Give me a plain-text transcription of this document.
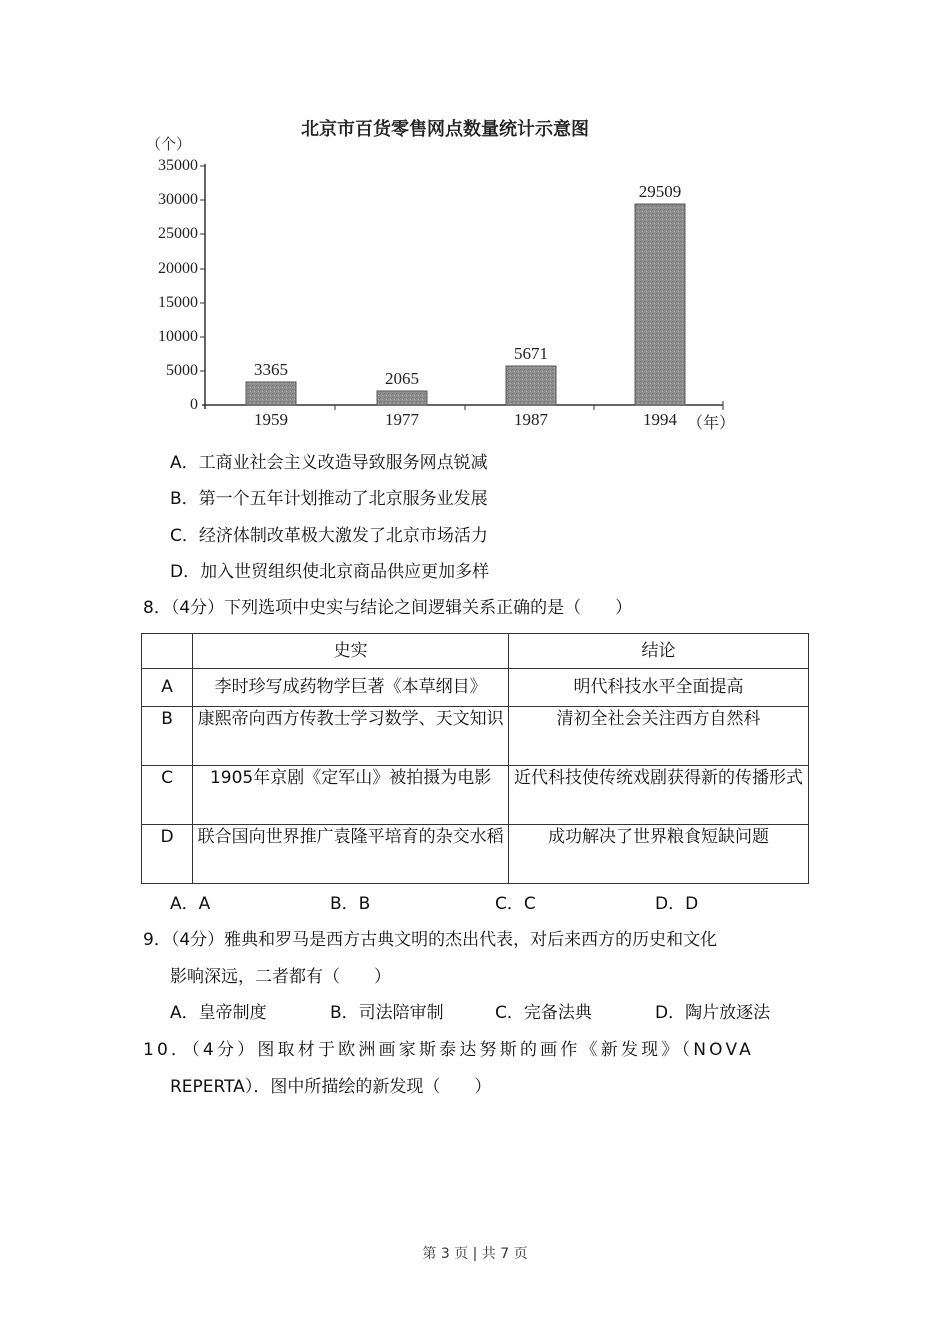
北京市百货零售网点数量统计示意图
（个）
35000
30000
25000
20000
15000
10000
5000
0
3365	2065
5671
29509
1959	1977	1987	1994 （年）
A．工商业社会主义改造导致服务网点锐减
B．第一个五年计划推动了北京服务业发展
C．经济体制改革极大激发了北京市场活力
D．加入世贸组织使北京商品供应更加多样
8．（4分）下列选项中史实与结论之间逻辑关系正确的是（　　）
	史实	结论
A	李时珍写成药物学巨著《本草纲目》	明代科技水平全面提高
B	康熙帝向西方传教士学习数学、天文知识	清初全社会关注西方自然科
C	1905年京剧《定军山》被拍摄为电影	近代科技使传统戏剧获得新的传播形式
D	联合国向世界推广袁隆平培育的杂交水稻	成功解决了世界粮食短缺问题
A．A	B．B	C．C	D．D
9．（4分）雅典和罗马是西方古典文明的杰出代表，对后来西方的历史和文化
影响深远，二者都有（　　）
A．皇帝制度	B．司法陪审制	C．完备法典	D．陶片放逐法
10．（4分）图取材于欧洲画家斯泰达努斯的画作《新发现》（NOVA
REPERTA）．图中所描绘的新发现（　　）
第 3 页 | 共 7 页
